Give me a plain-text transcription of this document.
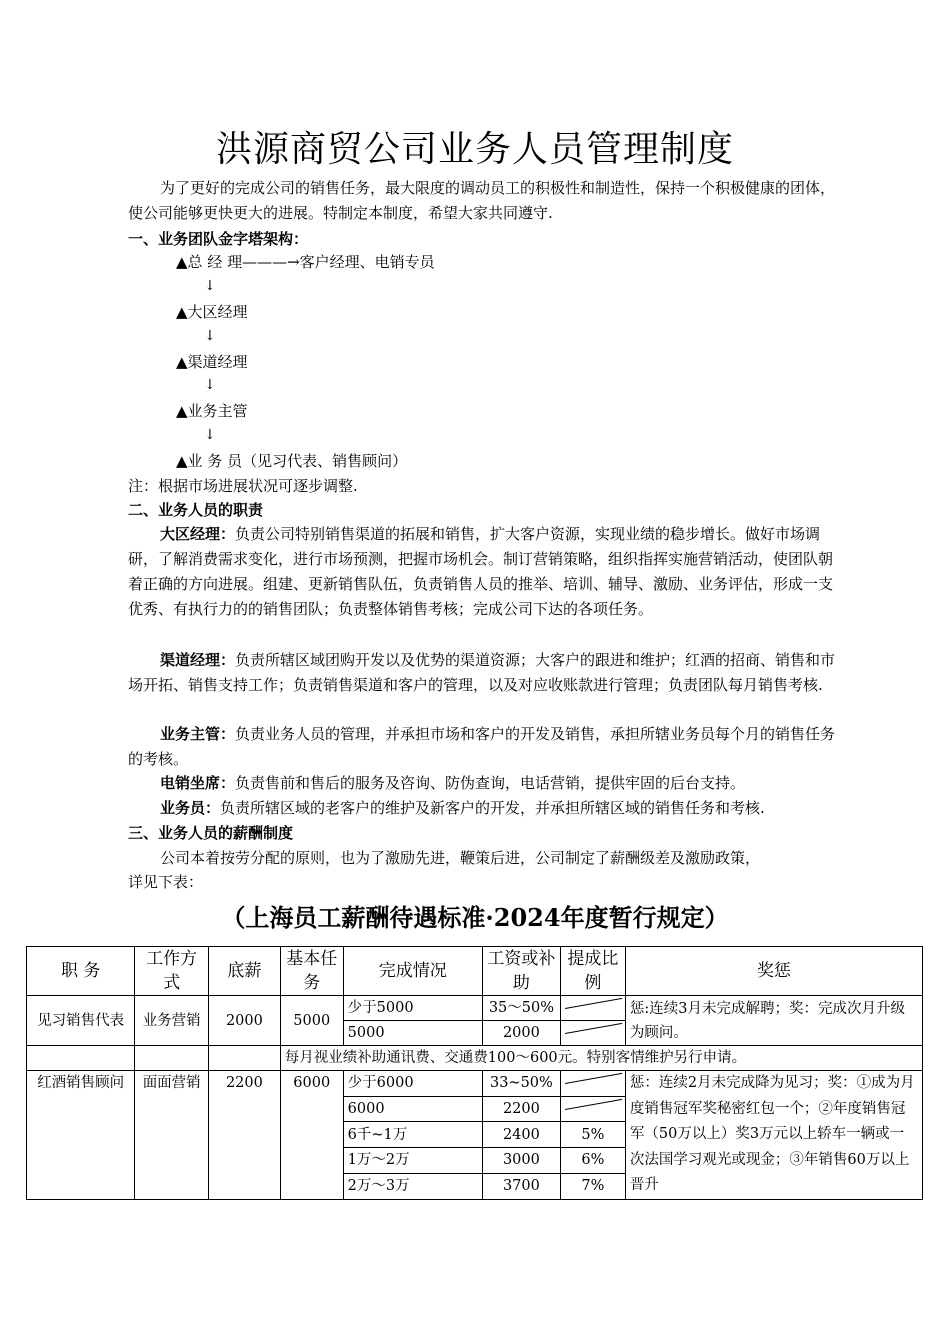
洪源商贸公司业务人员管理制度
为了更好的完成公司的销售任务，最大限度的调动员工的积极性和制造性，保持一个积极健康的团体，使公司能够更快更大的进展。特制定本制度，希望大家共同遵守.
一、业务团队金字塔架构：
▲总 经 理———→客户经理、电销专员
↓
▲大区经理
↓
▲渠道经理
↓
▲业务主管
↓
▲业 务 员（见习代表、销售顾问）
注：根据市场进展状况可逐步调整.
二、业务人员的职责
大区经理：负责公司特别销售渠道的拓展和销售，扩大客户资源，实现业绩的稳步增长。做好市场调研，了解消费需求变化，进行市场预测，把握市场机会。制订营销策略，组织指挥实施营销活动，使团队朝着正确的方向进展。组建、更新销售队伍，负责销售人员的推举、培训、辅导、激励、业务评估，形成一支优秀、有执行力的的销售团队；负责整体销售考核；完成公司下达的各项任务。
渠道经理：负责所辖区域团购开发以及优势的渠道资源；大客户的跟进和维护；红酒的招商、销售和市场开拓、销售支持工作；负责销售渠道和客户的管理，以及对应收账款进行管理；负责团队每月销售考核.
业务主管：负责业务人员的管理，并承担市场和客户的开发及销售，承担所辖业务员每个月的销售任务的考核。
电销坐席：负责售前和售后的服务及咨询、防伪查询，电话营销，提供牢固的后台支持。
业务员：负责所辖区域的老客户的维护及新客户的开发，并承担所辖区域的销售任务和考核.
三、业务人员的薪酬制度
公司本着按劳分配的原则，也为了激励先进，鞭策后进，公司制定了薪酬级差及激励政策，
详见下表：
（上海员工薪酬待遇标准·2024年度暂行规定）
职 务	工作方式	底薪	基本任务	完成情况	工资或补助	提成比例	奖惩
见习销售代表	业务营销	2000	5000	少于5000	35～50%		惩:连续3月未完成解聘；奖：完成次月升级为顾问。
				5000	2000		

			每月视业绩补助通讯费、交通费100～600元。特别客情维护另行申请。				
红酒销售顾问	面面营销	2200	6000	少于6000	33~50%		惩：连续2月未完成降为见习；奖：①成为月度销售冠军奖秘密红包一个；②年度销售冠军（50万以上）奖3万元以上轿车一辆或一次法国学习观光或现金；③年销售60万以上晋升
				6000	2200		

				6千~1万	2400	5%	
				1万～2万	3000	6%	
				2万～3万	3700	7%	
